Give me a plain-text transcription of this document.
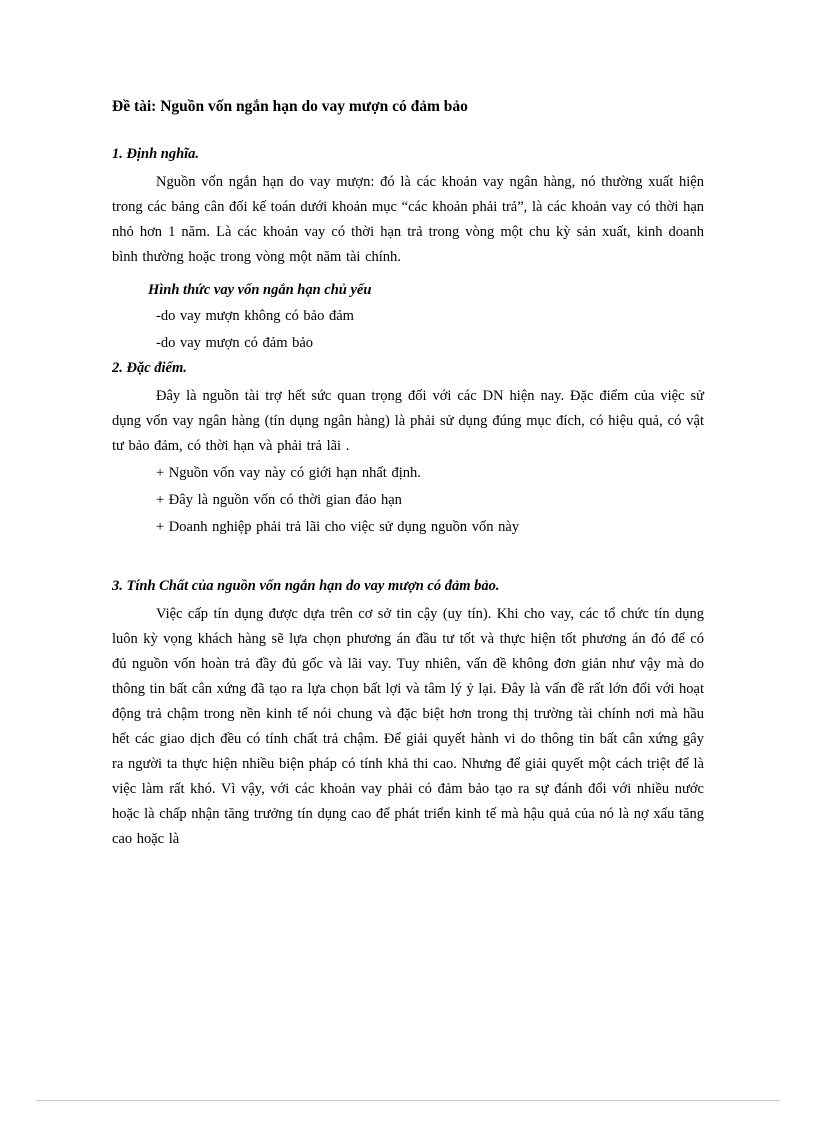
Đề tài: Nguồn vốn ngắn hạn do vay mượn có đảm bảo
1. Định nghĩa.

Nguồn vốn ngắn hạn do vay mượn: đó là các khoản vay ngân hàng, nó thường xuất hiện trong các bảng cân đối kế toán dưới khoản mục “các khoản phải trả”, là các khoản vay có thời hạn nhỏ hơn 1 năm. Là các khoản vay có thời hạn trả trong vòng một chu kỳ sản xuất, kinh doanh bình thường hoặc trong vòng một năm tài chính.

Hình thức vay vốn ngắn hạn chủ yếu

-do vay mượn không có bảo đảm

-do vay mượn có đảm bảo

2. Đặc điểm.

Đây là nguồn tài trợ hết sức quan trọng đối với các DN hiện nay. Đặc điểm của việc sử dụng vốn vay ngân hàng (tín dụng ngân hàng) là phải sử dụng đúng mục đích, có hiệu quả, có vật tư bảo đảm, có thời hạn và phải trả lãi .

+ Nguồn vốn vay này có giới hạn nhất định.

+ Đây là nguồn vốn có thời gian đảo hạn

+ Doanh nghiệp phải trả lãi cho việc sử dụng nguồn vốn này

3. Tính Chất của nguồn vốn ngắn hạn do vay mượn có đảm bảo.

Việc cấp tín dụng được dựa trên cơ sở tin cậy (uy tín). Khi cho vay, các tổ chức tín dụng luôn kỳ vọng khách hàng sẽ lựa chọn phương án đầu tư tốt và thực hiện tốt phương án đó để có đủ nguồn vốn hoàn trả đầy đủ gốc và lãi vay. Tuy nhiên, vấn đề không đơn giản như vậy mà do thông tin bất cân xứng đã tạo ra lựa chọn bất lợi và tâm lý ỷ lại. Đây là vấn đề rất lớn đối với hoạt động trả chậm trong nền kinh tế nói chung và đặc biệt hơn trong thị trường tài chính nơi mà hầu hết các giao dịch đều có tính chất trả chậm. Để giải quyết hành vi do thông tin bất cân xứng gây ra người ta thực hiện nhiều biện pháp có tính khả thi cao. Nhưng để giải quyết một cách triệt để là việc làm rất khó. Vì vậy, với các khoản vay phải có đảm bảo tạo ra sự đánh đổi với nhiều nước hoặc là chấp nhận tăng trưởng tín dụng cao để phát triển kinh tế mà hậu quả của nó là nợ xấu tăng cao hoặc là
